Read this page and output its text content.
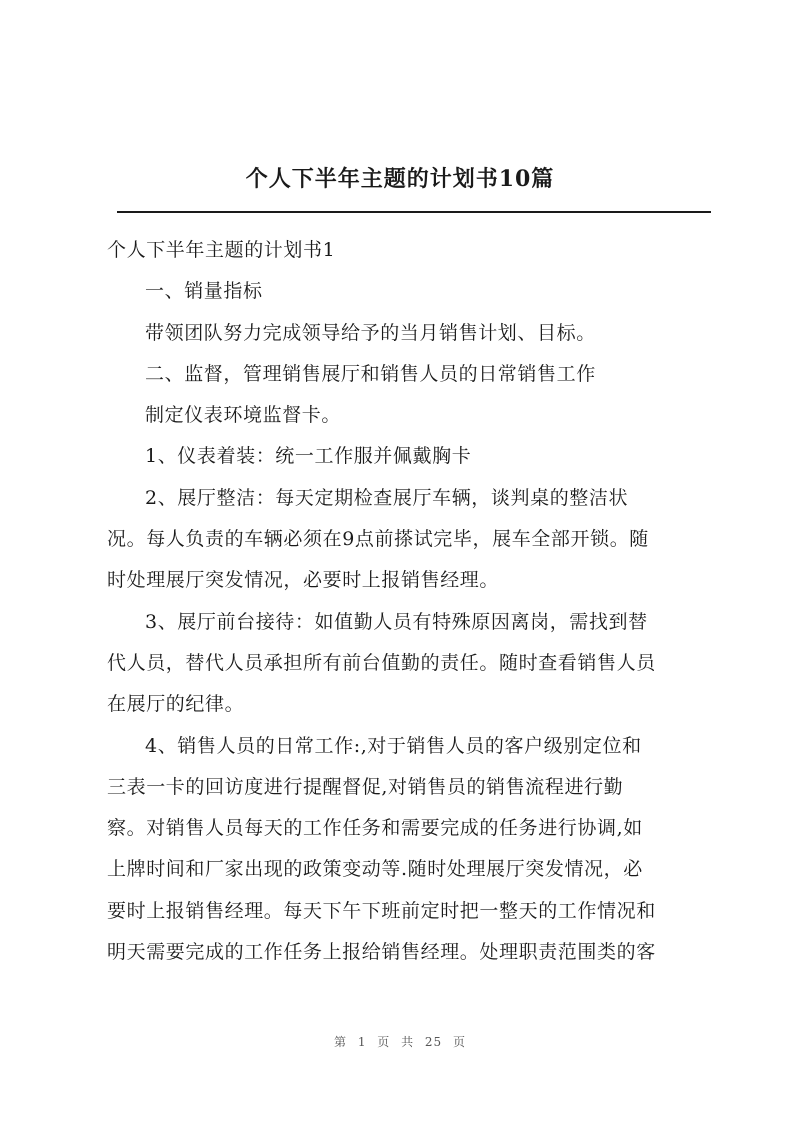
个人下半年主题的计划书10篇

个人下半年主题的计划书1

一、销量指标

带领团队努力完成领导给予的当月销售计划、目标。

二、监督，管理销售展厅和销售人员的日常销售工作

制定仪表环境监督卡。

1、仪表着装：统一工作服并佩戴胸卡

2、展厅整洁：每天定期检查展厅车辆，谈判桌的整洁状

况。每人负责的车辆必须在9点前搽试完毕，展车全部开锁。随

时处理展厅突发情况，必要时上报销售经理。

3、展厅前台接待：如值勤人员有特殊原因离岗，需找到替

代人员，替代人员承担所有前台值勤的责任。随时查看销售人员

在展厅的纪律。

4、销售人员的日常工作:,对于销售人员的客户级别定位和

三表一卡的回访度进行提醒督促,对销售员的销售流程进行勤

察。对销售人员每天的工作任务和需要完成的任务进行协调,如

上牌时间和厂家出现的政策变动等.随时处理展厅突发情况，必

要时上报销售经理。每天下午下班前定时把一整天的工作情况和

明天需要完成的工作任务上报给销售经理。处理职责范围类的客

第 1 页 共 25 页
